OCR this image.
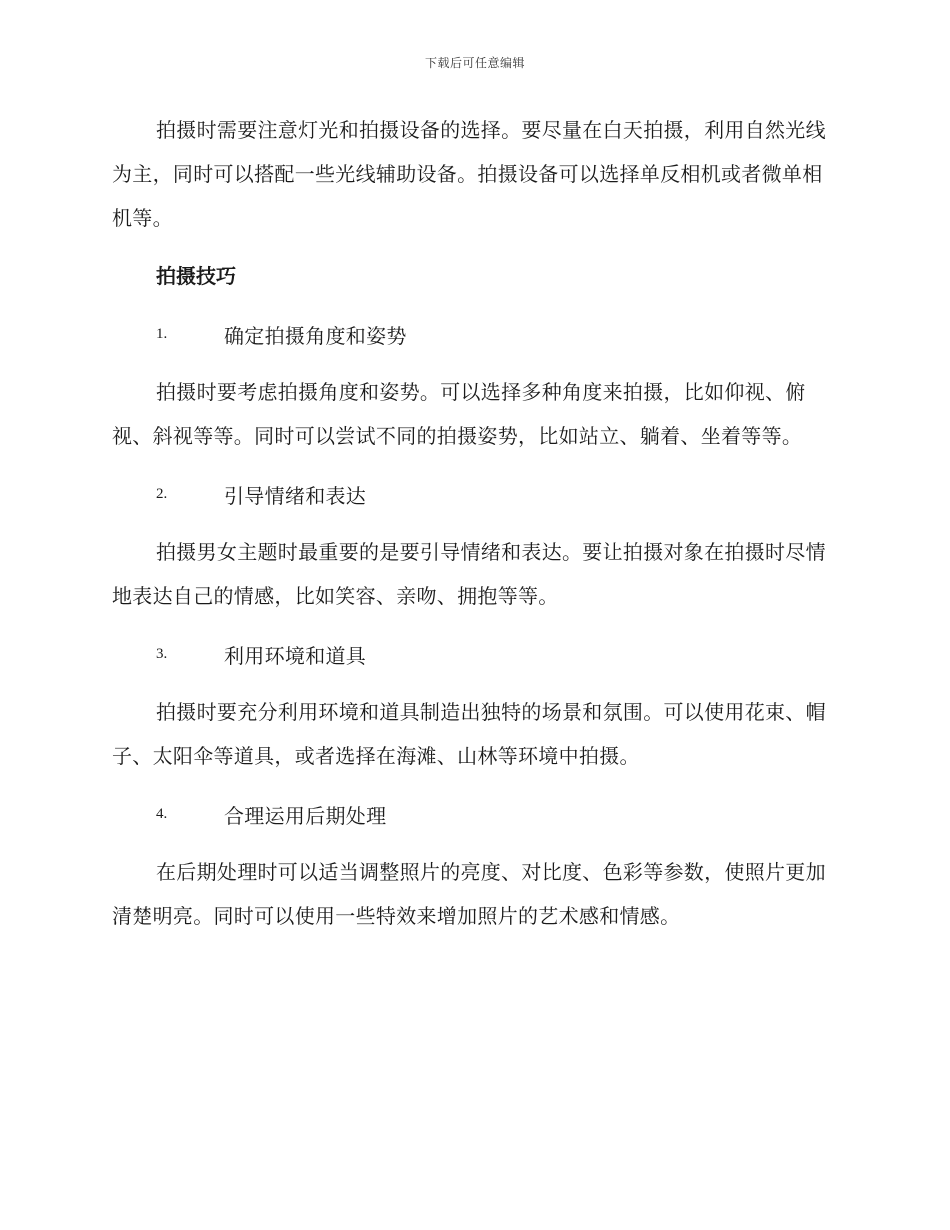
下载后可任意编辑

拍摄时需要注意灯光和拍摄设备的选择。要尽量在白天拍摄，利用自然光线为主，同时可以搭配一些光线辅助设备。拍摄设备可以选择单反相机或者微单相机等。

拍摄技巧
1.	确定拍摄角度和姿势

拍摄时要考虑拍摄角度和姿势。可以选择多种角度来拍摄，比如仰视、俯视、斜视等等。同时可以尝试不同的拍摄姿势，比如站立、躺着、坐着等等。

2.	引导情绪和表达

拍摄男女主题时最重要的是要引导情绪和表达。要让拍摄对象在拍摄时尽情地表达自己的情感，比如笑容、亲吻、拥抱等等。

3.	利用环境和道具

拍摄时要充分利用环境和道具制造出独特的场景和氛围。可以使用花束、帽子、太阳伞等道具，或者选择在海滩、山林等环境中拍摄。

4.	合理运用后期处理

在后期处理时可以适当调整照片的亮度、对比度、色彩等参数，使照片更加清楚明亮。同时可以使用一些特效来增加照片的艺术感和情感。
